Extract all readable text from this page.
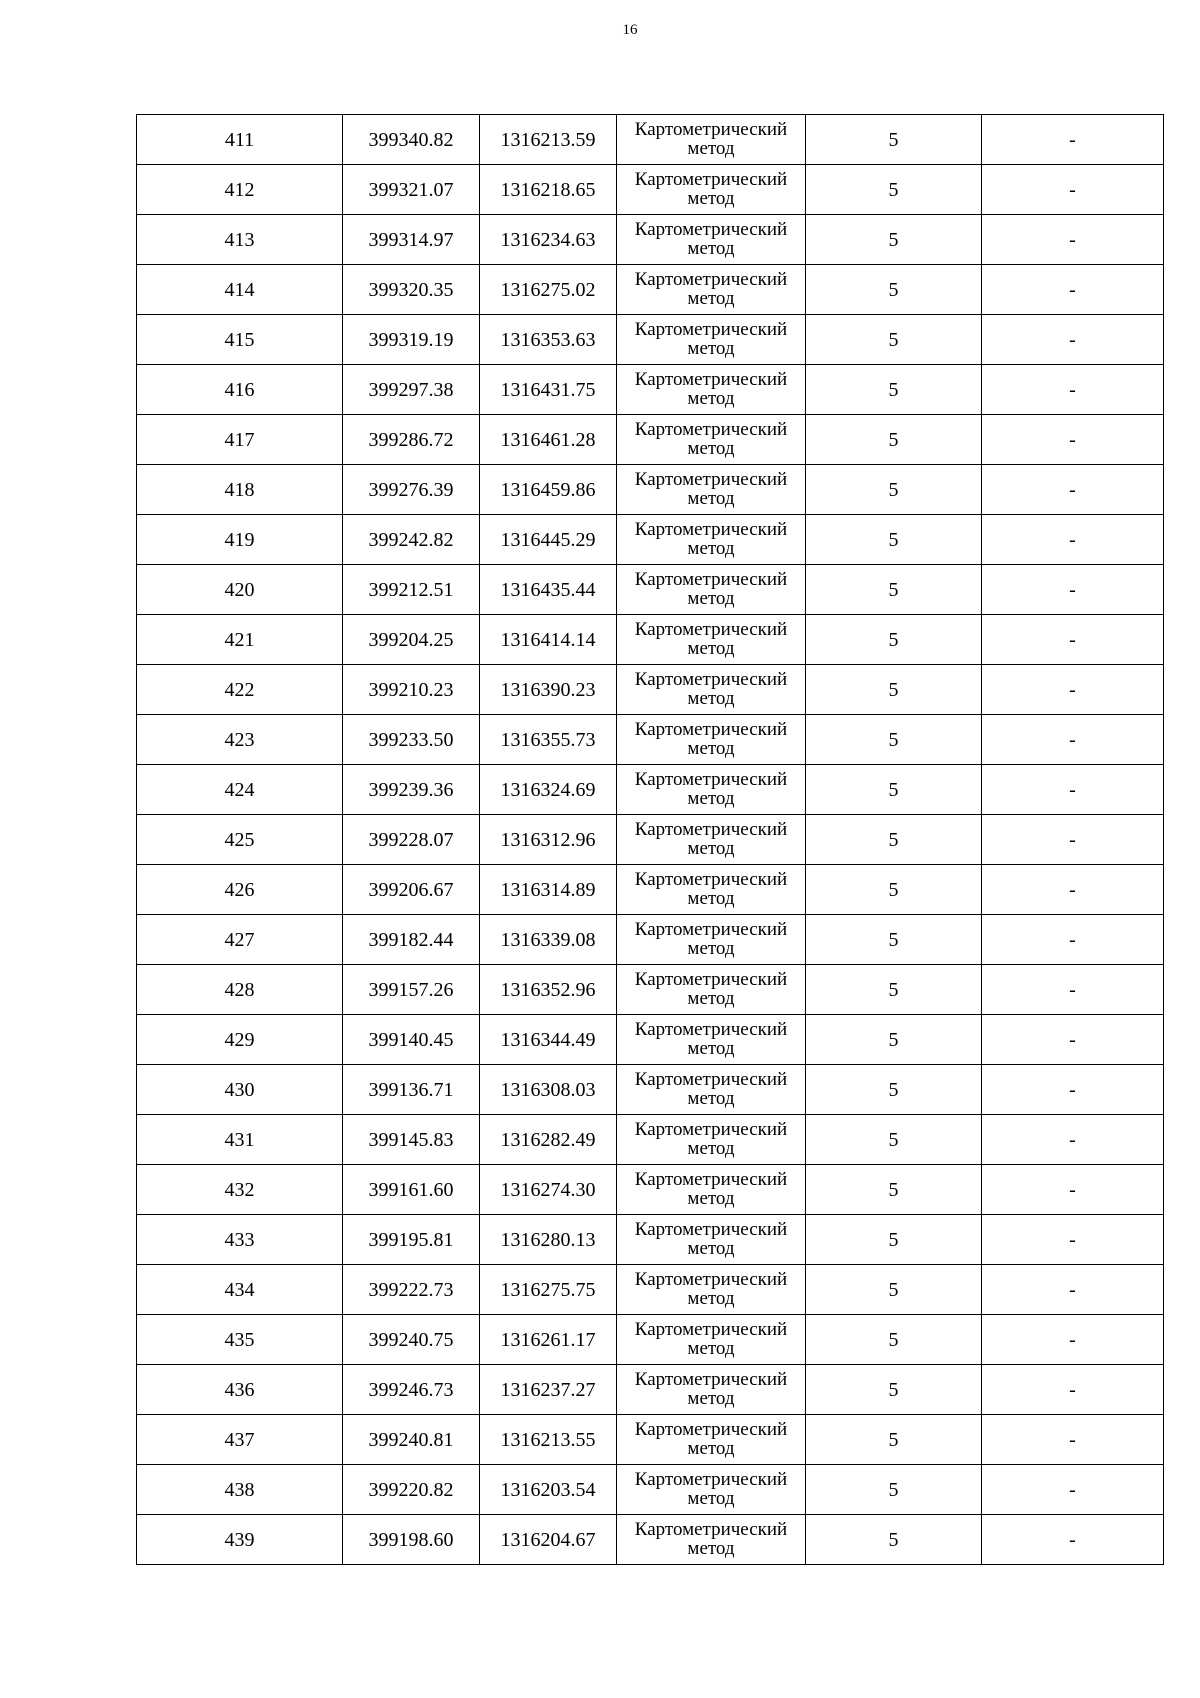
16
411	399340.82	1316213.59	Картометрический
метод	5	-
412	399321.07	1316218.65	Картометрический
метод	5	-
413	399314.97	1316234.63	Картометрический
метод	5	-
414	399320.35	1316275.02	Картометрический
метод	5	-
415	399319.19	1316353.63	Картометрический
метод	5	-
416	399297.38	1316431.75	Картометрический
метод	5	-
417	399286.72	1316461.28	Картометрический
метод	5	-
418	399276.39	1316459.86	Картометрический
метод	5	-
419	399242.82	1316445.29	Картометрический
метод	5	-
420	399212.51	1316435.44	Картометрический
метод	5	-
421	399204.25	1316414.14	Картометрический
метод	5	-
422	399210.23	1316390.23	Картометрический
метод	5	-
423	399233.50	1316355.73	Картометрический
метод	5	-
424	399239.36	1316324.69	Картометрический
метод	5	-
425	399228.07	1316312.96	Картометрический
метод	5	-
426	399206.67	1316314.89	Картометрический
метод	5	-
427	399182.44	1316339.08	Картометрический
метод	5	-
428	399157.26	1316352.96	Картометрический
метод	5	-
429	399140.45	1316344.49	Картометрический
метод	5	-
430	399136.71	1316308.03	Картометрический
метод	5	-
431	399145.83	1316282.49	Картометрический
метод	5	-
432	399161.60	1316274.30	Картометрический
метод	5	-
433	399195.81	1316280.13	Картометрический
метод	5	-
434	399222.73	1316275.75	Картометрический
метод	5	-
435	399240.75	1316261.17	Картометрический
метод	5	-
436	399246.73	1316237.27	Картометрический
метод	5	-
437	399240.81	1316213.55	Картометрический
метод	5	-
438	399220.82	1316203.54	Картометрический
метод	5	-
439	399198.60	1316204.67	Картометрический
метод	5	-
